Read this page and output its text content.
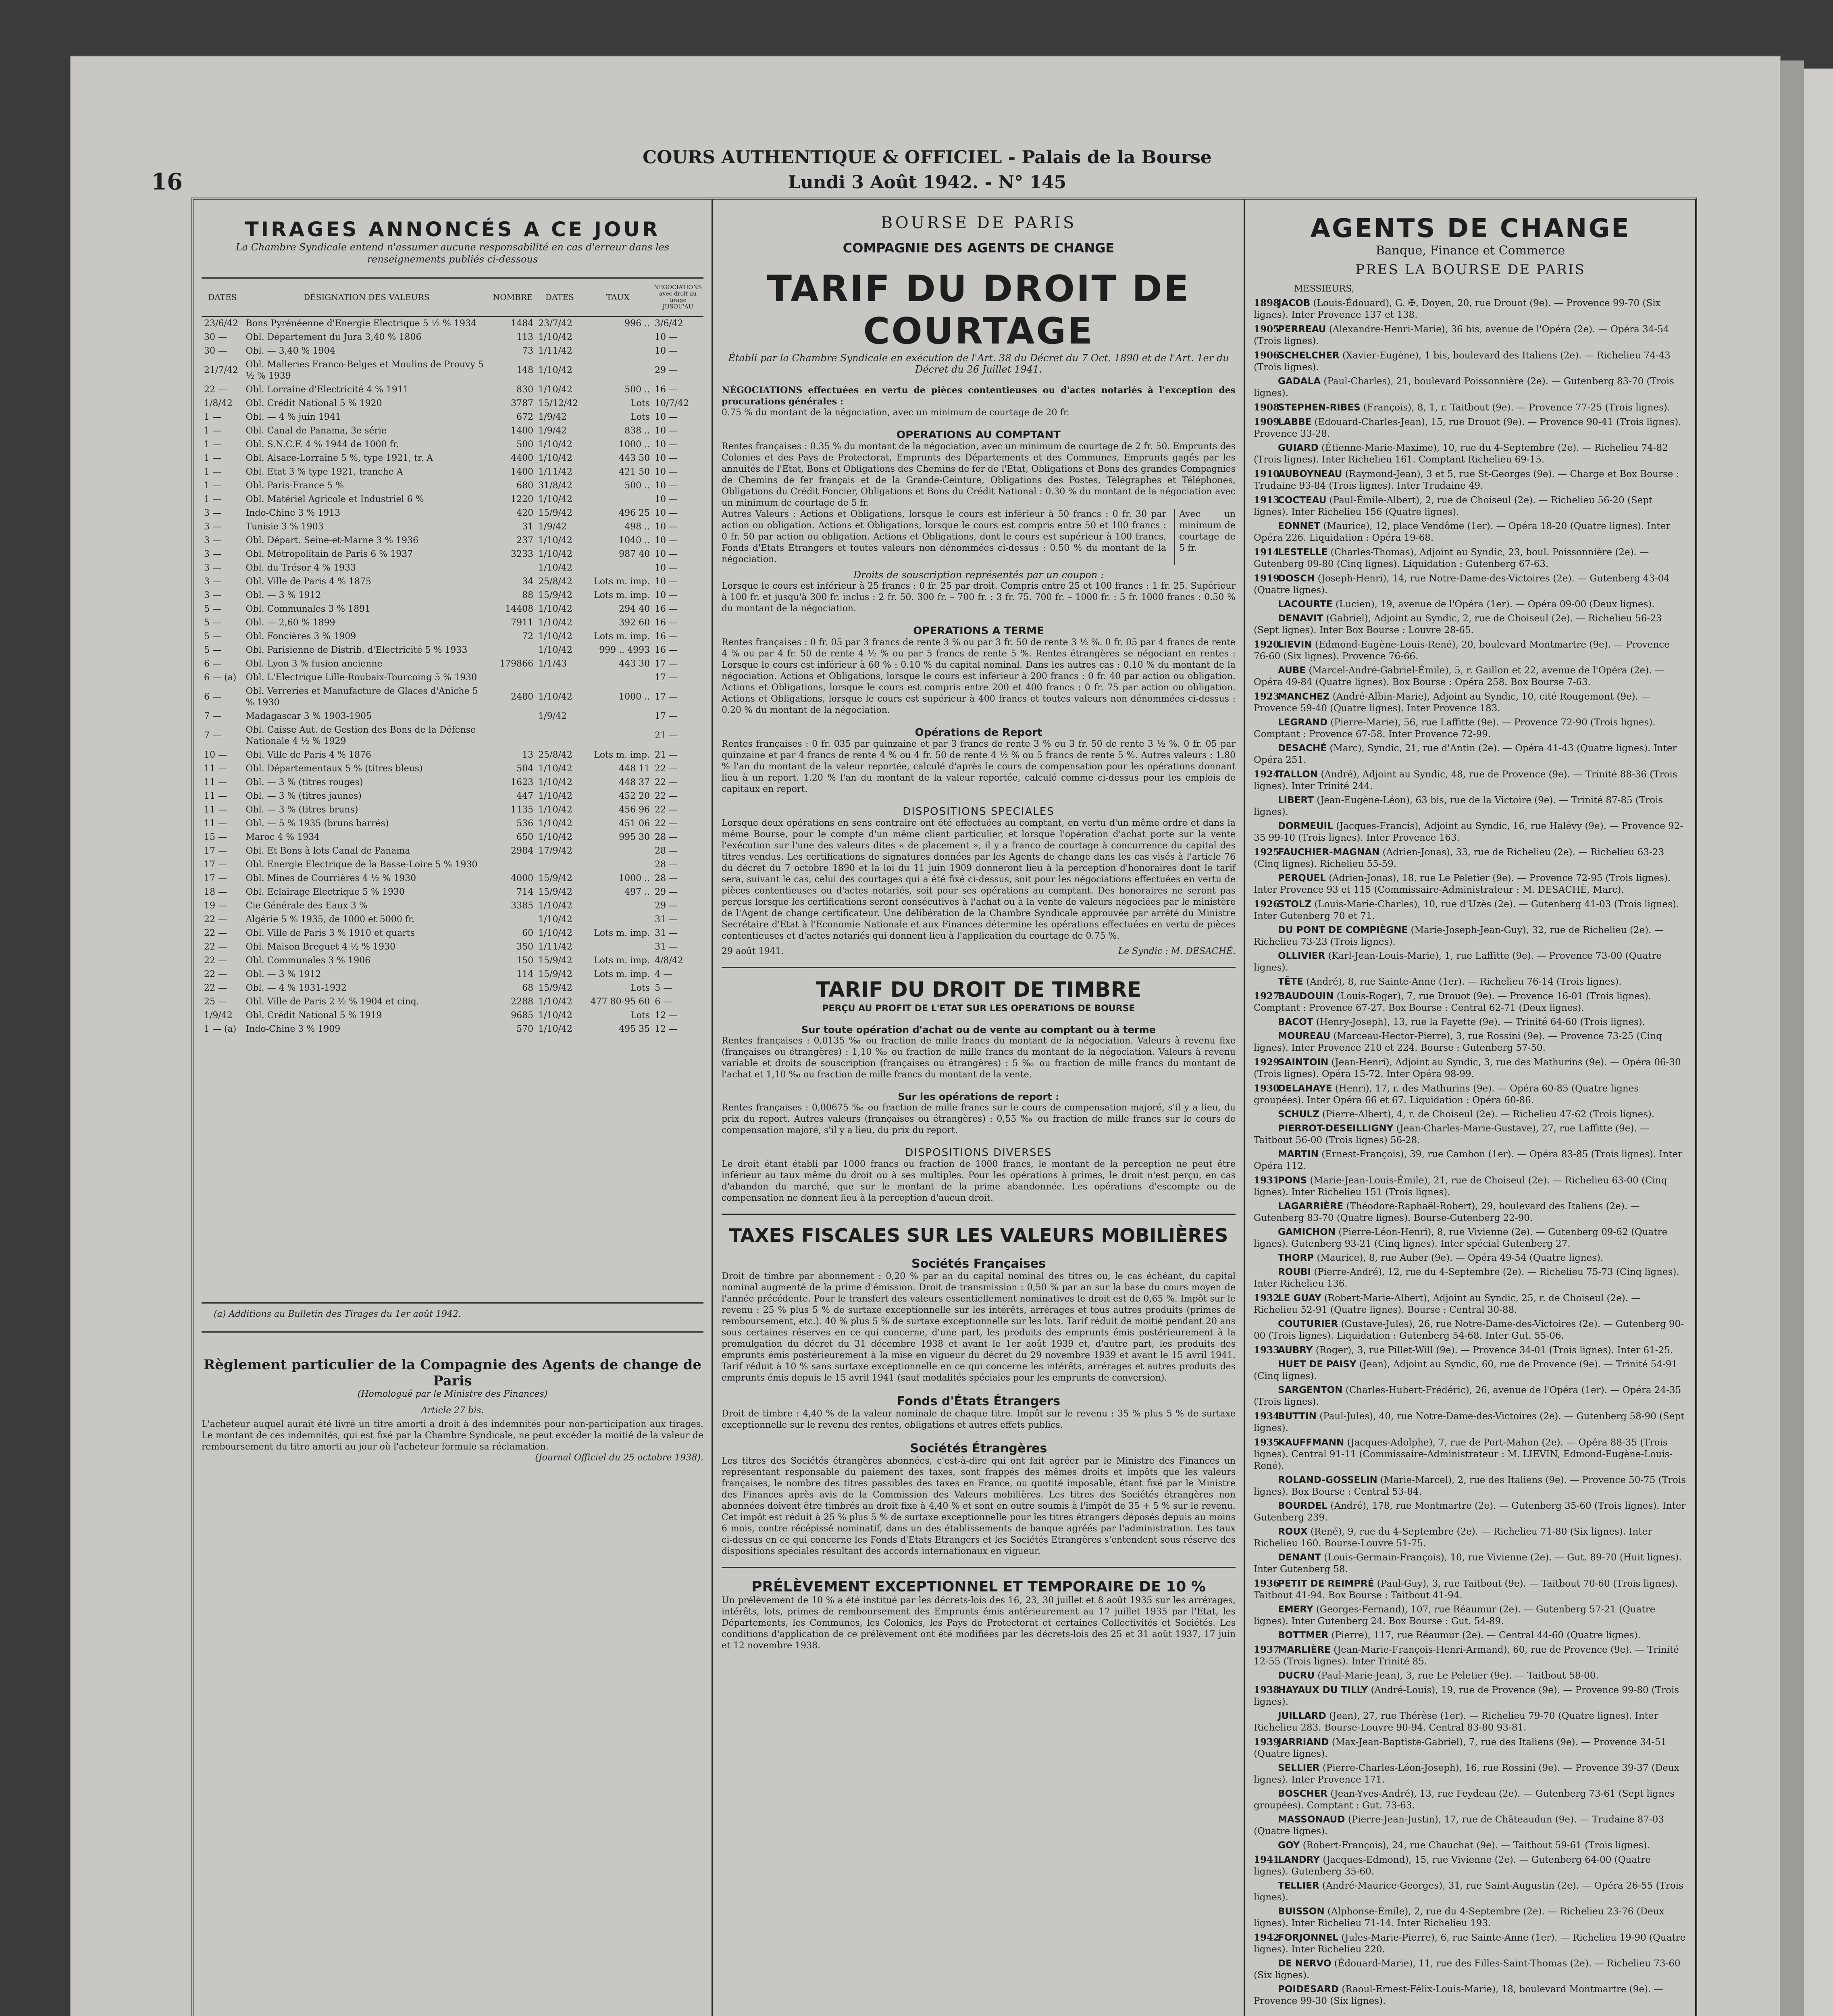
16
COURS AUTHENTIQUE & OFFICIEL - Palais de la Bourse
Lundi 3 Août 1942. - N° 145
TIRAGES ANNONCÉS A CE JOUR
La Chambre Syndicale entend n'assumer aucune responsabilité en cas d'erreur dans les renseignements publiés ci-dessous
DATES	DÉSIGNATION DES VALEURS	NOMBRE	DATES	TAUX	NÉGOCIATIONS avec droit au tirage JUSQU'AU
23/6/42	Bons Pyrénéenne d'Energie Electrique 5 ½ % 1934	1484	23/7/42	996 ..	3/6/42
30 —	Obl. Département du Jura 3,40 % 1806	113	1/10/42		10 —
30 —	Obl. — 3,40 % 1904	73	1/11/42		10 —
21/7/42	Obl. Malleries Franco-Belges et Moulins de Prouvy 5 ½ % 1939	148	1/10/42		29 —
22 —	Obl. Lorraine d'Electricité 4 % 1911	830	1/10/42	500 ..	16 —
1/8/42	Obl. Crédit National 5 % 1920	3787	15/12/42	Lots	10/7/42
1 —	Obl. — 4 % juin 1941	672	1/9/42	Lots	10 —
1 —	Obl. Canal de Panama, 3e série	1400	1/9/42	838 ..	10 —
1 —	Obl. S.N.C.F. 4 % 1944 de 1000 fr.	500	1/10/42	1000 ..	10 —
1 —	Obl. Alsace-Lorraine 5 %, type 1921, tr. A	4400	1/10/42	443 50	10 —
1 —	Obl. Etat 3 % type 1921, tranche A	1400	1/11/42	421 50	10 —
1 —	Obl. Paris-France 5 %	680	31/8/42	500 ..	10 —
1 —	Obl. Matériel Agricole et Industriel 6 %	1220	1/10/42		10 —
3 —	Indo-Chine 3 % 1913	420	15/9/42	496 25	10 —
3 —	Tunisie 3 % 1903	31	1/9/42	498 ..	10 —
3 —	Obl. Départ. Seine-et-Marne 3 % 1936	237	1/10/42	1040 ..	10 —
3 —	Obl. Métropolitain de Paris 6 % 1937	3233	1/10/42	987 40	10 —
3 —	Obl. du Trésor 4 % 1933		1/10/42		10 —
3 —	Obl. Ville de Paris 4 % 1875	34	25/8/42	Lots m. imp.	10 —
3 —	Obl. — 3 % 1912	88	15/9/42	Lots m. imp.	10 —
5 —	Obl. Communales 3 % 1891	14408	1/10/42	294 40	16 —
5 —	Obl. — 2,60 % 1899	7911	1/10/42	392 60	16 —
5 —	Obl. Foncières 3 % 1909	72	1/10/42	Lots m. imp.	16 —
5 —	Obl. Parisienne de Distrib. d'Electricité 5 % 1933		1/10/42	999 .. 4993	16 —
6 —	Obl. Lyon 3 % fusion ancienne	179866	1/1/43	443 30	17 —
6 — (a)	Obl. L'Electrique Lille-Roubaix-Tourcoing 5 % 1930				17 —
6 —	Obl. Verreries et Manufacture de Glaces d'Aniche 5 % 1930	2480	1/10/42	1000 ..	17 —
7 —	Madagascar 3 % 1903-1905		1/9/42		17 —
7 —	Obl. Caisse Aut. de Gestion des Bons de la Défense Nationale 4 ½ % 1929				21 —
10 —	Obl. Ville de Paris 4 % 1876	13	25/8/42	Lots m. imp.	21 —
11 —	Obl. Départementaux 5 % (titres bleus)	504	1/10/42	448 11	22 —
11 —	Obl. — 3 % (titres rouges)	1623	1/10/42	448 37	22 —
11 —	Obl. — 3 % (titres jaunes)	447	1/10/42	452 20	22 —
11 —	Obl. — 3 % (titres bruns)	1135	1/10/42	456 96	22 —
11 —	Obl. — 5 % 1935 (bruns barrés)	536	1/10/42	451 06	22 —
15 —	Maroc 4 % 1934	650	1/10/42	995 30	28 —
17 —	Obl. Et Bons à lots Canal de Panama	2984	17/9/42		28 —
17 —	Obl. Energie Electrique de la Basse-Loire 5 % 1930				28 —
17 —	Obl. Mines de Courrières 4 ½ % 1930	4000	15/9/42	1000 ..	28 —
18 —	Obl. Eclairage Electrique 5 % 1930	714	15/9/42	497 ..	29 —
19 —	Cie Générale des Eaux 3 %	3385	1/10/42		29 —
22 —	Algérie 5 % 1935, de 1000 et 5000 fr.		1/10/42		31 —
22 —	Obl. Ville de Paris 3 % 1910 et quarts	60	1/10/42	Lots m. imp.	31 —
22 —	Obl. Maison Breguet 4 ½ % 1930	350	1/11/42		31 —
22 —	Obl. Communales 3 % 1906	150	15/9/42	Lots m. imp.	4/8/42
22 —	Obl. — 3 % 1912	114	15/9/42	Lots m. imp.	4 —
22 —	Obl. — 4 % 1931-1932	68	15/9/42	Lots	5 —
25 —	Obl. Ville de Paris 2 ½ % 1904 et cinq.	2288	1/10/42	477 80-95 60	6 —
1/9/42	Obl. Crédit National 5 % 1919	9685	1/10/42	Lots	12 —
1 — (a)	Indo-Chine 3 % 1909	570	1/10/42	495 35	12 —
(a) Additions au Bulletin des Tirages du 1er août 1942.
Règlement particulier de la Compagnie des Agents de change de Paris
(Homologué par le Ministre des Finances)
Article 27 bis.
L'acheteur auquel aurait été livré un titre amorti a droit à des indemnités pour non-participation aux tirages. Le montant de ces indemnités, qui est fixé par la Chambre Syndicale, ne peut excéder la moitié de la valeur de remboursement du titre amorti au jour où l'acheteur formule sa réclamation.
(Journal Officiel du 25 octobre 1938).
BOURSE DE PARIS
COMPAGNIE DES AGENTS DE CHANGE
TARIF DU DROIT DE COURTAGE
Établi par la Chambre Syndicale en exécution de l'Art. 38 du Décret du 7 Oct. 1890 et de l'Art. 1er du Décret du 26 Juillet 1941.
NÉGOCIATIONS effectuées en vertu de pièces contentieuses ou d'actes notariés à l'exception des procurations générales :
0.75 % du montant de la négociation, avec un minimum de courtage de 20 fr.
OPERATIONS AU COMPTANT
Rentes françaises : 0.35 % du montant de la négociation, avec un minimum de courtage de 2 fr. 50. Emprunts des Colonies et des Pays de Protectorat, Emprunts des Départements et des Communes, Emprunts gagés par les annuités de l'Etat, Bons et Obligations des Chemins de fer de l'Etat, Obligations et Bons des grandes Compagnies de Chemins de fer français et de la Grande-Ceinture, Obligations des Postes, Télégraphes et Téléphones, Obligations du Crédit Foncier, Obligations et Bons du Crédit National : 0.30 % du montant de la négociation avec un minimum de courtage de 5 fr.
Autres Valeurs : Actions et Obligations, lorsque le cours est inférieur à 50 francs : 0 fr. 30 par action ou obligation. Actions et Obligations, lorsque le cours est compris entre 50 et 100 francs : 0 fr. 50 par action ou obligation. Actions et Obligations, dont le cours est supérieur à 100 francs, Fonds d'Etats Etrangers et toutes valeurs non dénommées ci-dessus : 0.50 % du montant de la négociation.
Avec un minimum de courtage de 5 fr.
Droits de souscription représentés par un coupon :
Lorsque le cours est inférieur à 25 francs : 0 fr. 25 par droit. Compris entre 25 et 100 francs : 1 fr. 25. Supérieur à 100 fr. et jusqu'à 300 fr. inclus : 2 fr. 50. 300 fr. – 700 fr. : 3 fr. 75. 700 fr. – 1000 fr. : 5 fr. 1000 francs : 0.50 % du montant de la négociation.
OPERATIONS A TERME
Rentes françaises : 0 fr. 05 par 3 francs de rente 3 % ou par 3 fr. 50 de rente 3 ½ %. 0 fr. 05 par 4 francs de rente 4 % ou par 4 fr. 50 de rente 4 ½ % ou par 5 francs de rente 5 %. Rentes étrangères se négociant en rentes : Lorsque le cours est inférieur à 60 % : 0.10 % du capital nominal. Dans les autres cas : 0.10 % du montant de la négociation. Actions et Obligations, lorsque le cours est inférieur à 200 francs : 0 fr. 40 par action ou obligation. Actions et Obligations, lorsque le cours est compris entre 200 et 400 francs : 0 fr. 75 par action ou obligation. Actions et Obligations, lorsque le cours est supérieur à 400 francs et toutes valeurs non dénommées ci-dessus : 0.20 % du montant de la négociation.
Opérations de Report
Rentes françaises : 0 fr. 035 par quinzaine et par 3 francs de rente 3 % ou 3 fr. 50 de rente 3 ½ %. 0 fr. 05 par quinzaine et par 4 francs de rente 4 % ou 4 fr. 50 de rente 4 ½ % ou 5 francs de rente 5 %. Autres valeurs : 1.80 % l'an du montant de la valeur reportée, calculé d'après le cours de compensation pour les opérations donnant lieu à un report. 1.20 % l'an du montant de la valeur reportée, calculé comme ci-dessus pour les emplois de capitaux en report.
DISPOSITIONS SPECIALES
Lorsque deux opérations en sens contraire ont été effectuées au comptant, en vertu d'un même ordre et dans la même Bourse, pour le compte d'un même client particulier, et lorsque l'opération d'achat porte sur la vente l'exécution sur l'une des valeurs dites « de placement », il y a franco de courtage à concurrence du capital des titres vendus. Les certifications de signatures données par les Agents de change dans les cas visés à l'article 76 du décret du 7 octobre 1890 et la loi du 11 juin 1909 donneront lieu à la perception d'honoraires dont le tarif sera, suivant le cas, celui des courtages qui a été fixé ci-dessus, soit pour les négociations effectuées en vertu de pièces contentieuses ou d'actes notariés, soit pour ses opérations au comptant. Des honoraires ne seront pas perçus lorsque les certifications seront consécutives à l'achat ou à la vente de valeurs négociées par le ministère de l'Agent de change certificateur. Une délibération de la Chambre Syndicale approuvée par arrêté du Ministre Secrétaire d'Etat à l'Economie Nationale et aux Finances détermine les opérations effectuées en vertu de pièces contentieuses et d'actes notariés qui donnent lieu à l'application du courtage de 0.75 %.
29 août 1941.	Le Syndic : M. DESACHÉ.
TARIF DU DROIT DE TIMBRE
PERÇU AU PROFIT DE L'ETAT SUR LES OPERATIONS DE BOURSE
Sur toute opération d'achat ou de vente au comptant ou à terme
Rentes françaises : 0,0135 ‰ ou fraction de mille francs du montant de la négociation. Valeurs à revenu fixe (françaises ou étrangères) : 1,10 ‰ ou fraction de mille francs du montant de la négociation. Valeurs à revenu variable et droits de souscription (françaises ou étrangères) : 5 ‰ ou fraction de mille francs du montant de l'achat et 1,10 ‰ ou fraction de mille francs du montant de la vente.
Sur les opérations de report :
Rentes françaises : 0,00675 ‰ ou fraction de mille francs sur le cours de compensation majoré, s'il y a lieu, du prix du report. Autres valeurs (françaises ou étrangères) : 0,55 ‰ ou fraction de mille francs sur le cours de compensation majoré, s'il y a lieu, du prix du report.
DISPOSITIONS DIVERSES
Le droit étant établi par 1000 francs ou fraction de 1000 francs, le montant de la perception ne peut être inférieur au taux même du droit ou à ses multiples. Pour les opérations à primes, le droit n'est perçu, en cas d'abandon du marché, que sur le montant de la prime abandonnée. Les opérations d'escompte ou de compensation ne donnent lieu à la perception d'aucun droit.
TAXES FISCALES SUR LES VALEURS MOBILIÈRES
Sociétés Françaises
Droit de timbre par abonnement : 0,20 % par an du capital nominal des titres ou, le cas échéant, du capital nominal augmenté de la prime d'émission. Droit de transmission : 0,50 % par an sur la base du cours moyen de l'année précédente. Pour le transfert des valeurs essentiellement nominatives le droit est de 0,65 %. Impôt sur le revenu : 25 % plus 5 % de surtaxe exceptionnelle sur les intérêts, arrérages et tous autres produits (primes de remboursement, etc.). 40 % plus 5 % de surtaxe exceptionnelle sur les lots. Tarif réduit de moitié pendant 20 ans sous certaines réserves en ce qui concerne, d'une part, les produits des emprunts émis postérieurement à la promulgation du décret du 31 décembre 1938 et avant le 1er août 1939 et, d'autre part, les produits des emprunts émis postérieurement à la mise en vigueur du décret du 29 novembre 1939 et avant le 15 avril 1941. Tarif réduit à 10 % sans surtaxe exceptionnelle en ce qui concerne les intérêts, arrérages et autres produits des emprunts émis depuis le 15 avril 1941 (sauf modalités spéciales pour les emprunts de conversion).
Fonds d'États Étrangers
Droit de timbre : 4,40 % de la valeur nominale de chaque titre. Impôt sur le revenu : 35 % plus 5 % de surtaxe exceptionnelle sur le revenu des rentes, obligations et autres effets publics.
Sociétés Étrangères
Les titres des Sociétés étrangères abonnées, c'est-à-dire qui ont fait agréer par le Ministre des Finances un représentant responsable du paiement des taxes, sont frappés des mêmes droits et impôts que les valeurs françaises, le nombre des titres passibles des taxes en France, ou quotité imposable, étant fixé par le Ministre des Finances après avis de la Commission des Valeurs mobilières. Les titres des Sociétés étrangères non abonnées doivent être timbrés au droit fixe à 4,40 % et sont en outre soumis à l'impôt de 35 + 5 % sur le revenu. Cet impôt est réduit à 25 % plus 5 % de surtaxe exceptionnelle pour les titres étrangers déposés depuis au moins 6 mois, contre récépissé nominatif, dans un des établissements de banque agréés par l'administration. Les taux ci-dessus en ce qui concerne les Fonds d'Etats Etrangers et les Sociétés Etrangères s'entendent sous réserve des dispositions spéciales résultant des accords internationaux en vigueur.
PRÉLÈVEMENT EXCEPTIONNEL ET TEMPORAIRE DE 10 %
Un prélèvement de 10 % a été institué par les décrets-lois des 16, 23, 30 juillet et 8 août 1935 sur les arrérages, intérêts, lots, primes de remboursement des Emprunts émis antérieurement au 17 juillet 1935 par l'Etat, les Départements, les Communes, les Colonies, les Pays de Protectorat et certaines Collectivités et Sociétés. Les conditions d'application de ce prélèvement ont été modifiées par les décrets-lois des 25 et 31 août 1937, 17 juin et 12 novembre 1938.
AGENTS DE CHANGE
Banque, Finance et Commerce
PRES LA BOURSE DE PARIS
MESSIEURS,
1898JACOB (Louis-Édouard), G. ✠, Doyen, 20, rue Drouot (9e). — Provence 99-70 (Six lignes). Inter Provence 137 et 138.
1905PERREAU (Alexandre-Henri-Marie), 36 bis, avenue de l'Opéra (2e). — Opéra 34-54 (Trois lignes).
1906SCHELCHER (Xavier-Eugène), 1 bis, boulevard des Italiens (2e). — Richelieu 74-43 (Trois lignes).
GADALA (Paul-Charles), 21, boulevard Poissonnière (2e). — Gutenberg 83-70 (Trois lignes).
1908STEPHEN-RIBES (François), 8, 1, r. Taitbout (9e). — Provence 77-25 (Trois lignes).
1909LABBE (Edouard-Charles-Jean), 15, rue Drouot (9e). — Provence 90-41 (Trois lignes). Provence 33-28.
GUIARD (Étienne-Marie-Maxime), 10, rue du 4-Septembre (2e). — Richelieu 74-82 (Trois lignes). Inter Richelieu 161. Comptant Richelieu 69-15.
1910AUBOYNEAU (Raymond-Jean), 3 et 5, rue St-Georges (9e). — Charge et Box Bourse : Trudaine 93-84 (Trois lignes). Inter Trudaine 49.
1913COCTEAU (Paul-Émile-Albert), 2, rue de Choiseul (2e). — Richelieu 56-20 (Sept lignes). Inter Richelieu 156 (Quatre lignes).
EONNET (Maurice), 12, place Vendôme (1er). — Opéra 18-20 (Quatre lignes). Inter Opéra 226. Liquidation : Opéra 19-68.
1914LESTELLE (Charles-Thomas), Adjoint au Syndic, 23, boul. Poissonnière (2e). — Gutenberg 09-80 (Cinq lignes). Liquidation : Gutenberg 67-63.
1919DOSCH (Joseph-Henri), 14, rue Notre-Dame-des-Victoires (2e). — Gutenberg 43-04 (Quatre lignes).
LACOURTE (Lucien), 19, avenue de l'Opéra (1er). — Opéra 09-00 (Deux lignes).
DENAVIT (Gabriel), Adjoint au Syndic, 2, rue de Choiseul (2e). — Richelieu 56-23 (Sept lignes). Inter Box Bourse : Louvre 28-65.
1920LIEVIN (Edmond-Eugène-Louis-René), 20, boulevard Montmartre (9e). — Provence 76-60 (Six lignes). Provence 76-66.
AUBE (Marcel-André-Gabriel-Émile), 5, r. Gaillon et 22, avenue de l'Opéra (2e). — Opéra 49-84 (Quatre lignes). Box Bourse : Opéra 258. Box Bourse 7-63.
1923MANCHEZ (André-Albin-Marie), Adjoint au Syndic, 10, cité Rougemont (9e). — Provence 59-40 (Quatre lignes). Inter Provence 183.
LEGRAND (Pierre-Marie), 56, rue Laffitte (9e). — Provence 72-90 (Trois lignes). Comptant : Provence 67-58. Inter Provence 72-99.
DESACHÉ (Marc), Syndic, 21, rue d'Antin (2e). — Opéra 41-43 (Quatre lignes). Inter Opéra 251.
1924TALLON (André), Adjoint au Syndic, 48, rue de Provence (9e). — Trinité 88-36 (Trois lignes). Inter Trinité 244.
LIBERT (Jean-Eugène-Léon), 63 bis, rue de la Victoire (9e). — Trinité 87-85 (Trois lignes).
DORMEUIL (Jacques-Francis), Adjoint au Syndic, 16, rue Halévy (9e). — Provence 92-35 99-10 (Trois lignes). Inter Provence 163.
1925FAUCHIER-MAGNAN (Adrien-Jonas), 33, rue de Richelieu (2e). — Richelieu 63-23 (Cinq lignes). Richelieu 55-59.
PERQUEL (Adrien-Jonas), 18, rue Le Peletier (9e). — Provence 72-95 (Trois lignes). Inter Provence 93 et 115 (Commissaire-Administrateur : M. DESACHÉ, Marc).
1926STOLZ (Louis-Marie-Charles), 10, rue d'Uzès (2e). — Gutenberg 41-03 (Trois lignes). Inter Gutenberg 70 et 71.
DU PONT DE COMPIÈGNE (Marie-Joseph-Jean-Guy), 32, rue de Richelieu (2e). — Richelieu 73-23 (Trois lignes).
OLLIVIER (Karl-Jean-Louis-Marie), 1, rue Laffitte (9e). — Provence 73-00 (Quatre lignes).
TÊTE (André), 8, rue Sainte-Anne (1er). — Richelieu 76-14 (Trois lignes).
1927BAUDOUIN (Louis-Roger), 7, rue Drouot (9e). — Provence 16-01 (Trois lignes). Comptant : Provence 67-27. Box Bourse : Central 62-71 (Deux lignes).
BACOT (Henry-Joseph), 13, rue la Fayette (9e). — Trinité 64-60 (Trois lignes).
MOUREAU (Marceau-Hector-Pierre), 3, rue Rossini (9e). — Provence 73-25 (Cinq lignes). Inter Provence 210 et 224. Bourse : Gutenberg 57-50.
1929SAINTOIN (Jean-Henri), Adjoint au Syndic, 3, rue des Mathurins (9e). — Opéra 06-30 (Trois lignes). Opéra 15-72. Inter Opéra 98-99.
1930DELAHAYE (Henri), 17, r. des Mathurins (9e). — Opéra 60-85 (Quatre lignes groupées). Inter Opéra 66 et 67. Liquidation : Opéra 60-86.
SCHULZ (Pierre-Albert), 4, r. de Choiseul (2e). — Richelieu 47-62 (Trois lignes).
PIERROT-DESEILLIGNY (Jean-Charles-Marie-Gustave), 27, rue Laffitte (9e). — Taitbout 56-00 (Trois lignes) 56-28.
MARTIN (Ernest-François), 39, rue Cambon (1er). — Opéra 83-85 (Trois lignes). Inter Opéra 112.
1931PONS (Marie-Jean-Louis-Émile), 21, rue de Choiseul (2e). — Richelieu 63-00 (Cinq lignes). Inter Richelieu 151 (Trois lignes).
LAGARRIÈRE (Théodore-Raphaël-Robert), 29, boulevard des Italiens (2e). — Gutenberg 83-70 (Quatre lignes). Bourse-Gutenberg 22-90.
GAMICHON (Pierre-Léon-Henri), 8, rue Vivienne (2e). — Gutenberg 09-62 (Quatre lignes). Gutenberg 93-21 (Cinq lignes). Inter spécial Gutenberg 27.
THORP (Maurice), 8, rue Auber (9e). — Opéra 49-54 (Quatre lignes).
ROUBI (Pierre-André), 12, rue du 4-Septembre (2e). — Richelieu 75-73 (Cinq lignes). Inter Richelieu 136.
1932LE GUAY (Robert-Marie-Albert), Adjoint au Syndic, 25, r. de Choiseul (2e). — Richelieu 52-91 (Quatre lignes). Bourse : Central 30-88.
COUTURIER (Gustave-Jules), 26, rue Notre-Dame-des-Victoires (2e). — Gutenberg 90-00 (Trois lignes). Liquidation : Gutenberg 54-68. Inter Gut. 55-06.
1933AUBRY (Roger), 3, rue Pillet-Will (9e). — Provence 34-01 (Trois lignes). Inter 61-25.
HUET DE PAISY (Jean), Adjoint au Syndic, 60, rue de Provence (9e). — Trinité 54-91 (Cinq lignes).
SARGENTON (Charles-Hubert-Frédéric), 26, avenue de l'Opéra (1er). — Opéra 24-35 (Trois lignes).
1934BUTTIN (Paul-Jules), 40, rue Notre-Dame-des-Victoires (2e). — Gutenberg 58-90 (Sept lignes).
1935KAUFFMANN (Jacques-Adolphe), 7, rue de Port-Mahon (2e). — Opéra 88-35 (Trois lignes). Central 91-11 (Commissaire-Administrateur : M. LIEVIN, Edmond-Eugène-Louis-René).
ROLAND-GOSSELIN (Marie-Marcel), 2, rue des Italiens (9e). — Provence 50-75 (Trois lignes). Box Bourse : Central 53-84.
BOURDEL (André), 178, rue Montmartre (2e). — Gutenberg 35-60 (Trois lignes). Inter Gutenberg 239.
ROUX (René), 9, rue du 4-Septembre (2e). — Richelieu 71-80 (Six lignes). Inter Richelieu 160. Bourse-Louvre 51-75.
DENANT (Louis-Germain-François), 10, rue Vivienne (2e). — Gut. 89-70 (Huit lignes). Inter Gutenberg 58.
1936PETIT DE REIMPRÉ (Paul-Guy), 3, rue Taitbout (9e). — Taitbout 70-60 (Trois lignes). Taitbout 41-94. Box Bourse : Taitbout 41-94.
EMERY (Georges-Fernand), 107, rue Réaumur (2e). — Gutenberg 57-21 (Quatre lignes). Inter Gutenberg 24. Box Bourse : Gut. 54-89.
BOTTMER (Pierre), 117, rue Réaumur (2e). — Central 44-60 (Quatre lignes).
1937MARLIÈRE (Jean-Marie-François-Henri-Armand), 60, rue de Provence (9e). — Trinité 12-55 (Trois lignes). Inter Trinité 85.
DUCRU (Paul-Marie-Jean), 3, rue Le Peletier (9e). — Taitbout 58-00.
1938HAYAUX DU TILLY (André-Louis), 19, rue de Provence (9e). — Provence 99-80 (Trois lignes).
JUILLARD (Jean), 27, rue Thérèse (1er). — Richelieu 79-70 (Quatre lignes). Inter Richelieu 283. Bourse-Louvre 90-94. Central 83-80 93-81.
1939JARRIAND (Max-Jean-Baptiste-Gabriel), 7, rue des Italiens (9e). — Provence 34-51 (Quatre lignes).
SELLIER (Pierre-Charles-Léon-Joseph), 16, rue Rossini (9e). — Provence 39-37 (Deux lignes). Inter Provence 171.
BOSCHER (Jean-Yves-André), 13, rue Feydeau (2e). — Gutenberg 73-61 (Sept lignes groupées). Comptant : Gut. 73-63.
MASSONAUD (Pierre-Jean-Justin), 17, rue de Châteaudun (9e). — Trudaine 87-03 (Quatre lignes).
GOY (Robert-François), 24, rue Chauchat (9e). — Taitbout 59-61 (Trois lignes).
1941LANDRY (Jacques-Edmond), 15, rue Vivienne (2e). — Gutenberg 64-00 (Quatre lignes). Gutenberg 35-60.
TELLIER (André-Maurice-Georges), 31, rue Saint-Augustin (2e). — Opéra 26-55 (Trois lignes).
BUISSON (Alphonse-Émile), 2, rue du 4-Septembre (2e). — Richelieu 23-76 (Deux lignes). Inter Richelieu 71-14. Inter Richelieu 193.
1942FORJONNEL (Jules-Marie-Pierre), 6, rue Sainte-Anne (1er). — Richelieu 19-90 (Quatre lignes). Inter Richelieu 220.
DE NERVO (Édouard-Marie), 11, rue des Filles-Saint-Thomas (2e). — Richelieu 73-60 (Six lignes).
POIDESARD (Raoul-Ernest-Félix-Louis-Marie), 18, boulevard Montmartre (9e). — Provence 99-30 (Six lignes).
